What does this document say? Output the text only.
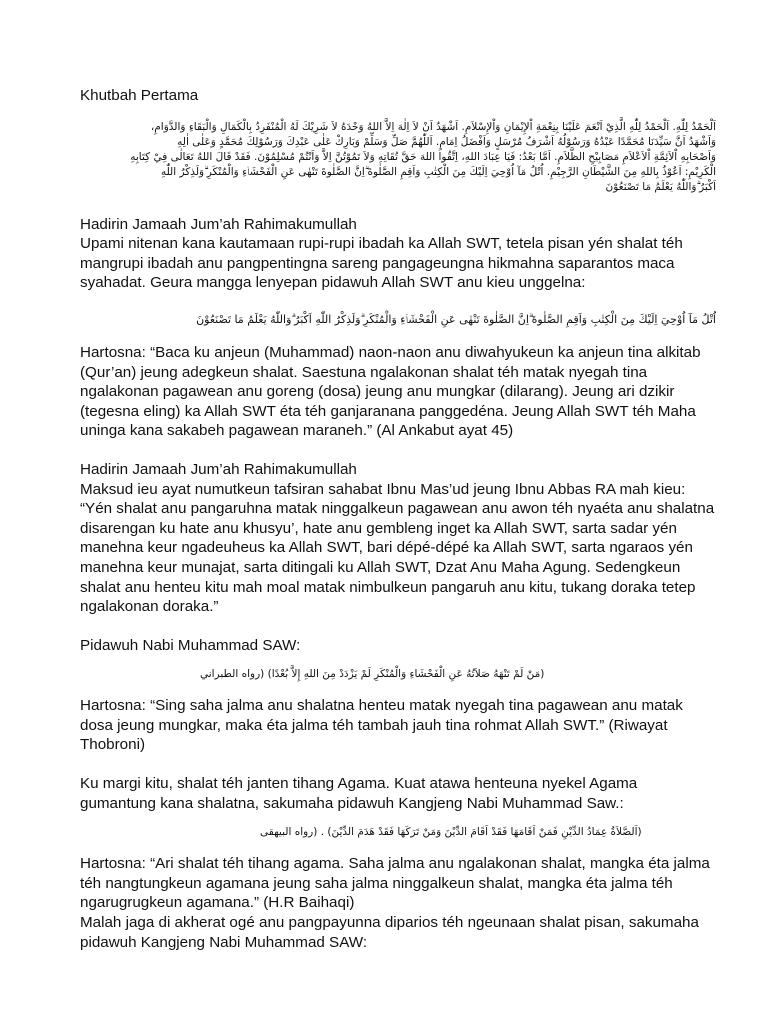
Khutbah Pertama

اَلْحَمْدُ لِلّٰهِ. اَلْحَمْدُ لِلّٰهِ الَّذِيْ اَنْعَمَ عَلَيْنَا بِنِعْمَةِ اْلإِيْمَانِ وَاْلإِسْلاَمِ. اَشْهَدُ اَنْ لاَ اِلٰهَ اِلاَّ اللهُ وَحْدَهُ لاَ شَرِيْكَ لَهُ الْمُنْفَرِدُ بِالْكَمَالِ وَالْبَقَاءِ وَالدَّوَامِ،

وَاَشْهَدُ اَنَّ سَيِّدَنَا مُحَمَّدًا عَبْدُهُ وَرَسُوْلُهُ اَشْرَفُ مُرْسَلٍ وَاَفْضَلُ اِمَامٍ. اَللّٰهُمَّ صَلِّ وَسَلِّمْ وَبَارِكْ عَلٰى عَبْدِكَ وَرَسُوْلِكَ مُحَمَّدٍ وَعَلٰى اٰلِهِ

وَاَصْحَابِهِ اْلاَئِمَّةِ اْلاَعْلاَمِ مَصَابِيْحِ الظَّلاَمِ. اَمَّا بَعْدُ: فَيَا عِبَادَ اللهِ، اِتَّقُوا اللهَ حَقَّ تُقَاتِهِ وَلاَ تَمُوْتُنَّ اِلاَّ وَاَنْتُمْ مُسْلِمُوْنَ. فَقَدْ قَالَ اللهُ تَعَالٰى فِيْ كِتَابِهِ

الْكَرِيْمِ: اَعُوْذُ بِاللهِ مِنَ الشَّيْطَانِ الرَّجِيْمِ. اُتْلُ مَآ اُوْحِيَ اِلَيْكَ مِنَ الْكِتٰبِ وَاَقِمِ الصَّلٰوةَ ۗاِنَّ الصَّلٰوةَ تَنْهٰى عَنِ الْفَحْشَاۤءِ وَالْمُنْكَرِ ۗوَلَذِكْرُ اللّٰهِ

اَكْبَرُ ۗوَاللّٰهُ يَعْلَمُ مَا تَصْنَعُوْنَ

Hadirin Jamaah Jum’ah Rahimakumullah

Upami nitenan kana kautamaan rupi-rupi ibadah ka Allah SWT, tetela pisan yén shalat téh mangrupi ibadah anu pangpentingna sareng pangageungna hikmahna saparantos maca syahadat. Geura mangga lenyepan pidawuh Allah SWT anu kieu unggelna:

اُتْلُ مَآ اُوْحِيَ اِلَيْكَ مِنَ الْكِتٰبِ وَاَقِمِ الصَّلٰوةَ ۗاِنَّ الصَّلٰوةَ تَنْهٰى عَنِ الْفَحْشَاۤءِ وَالْمُنْكَرِ ۗوَلَذِكْرُ اللّٰهِ اَكْبَرُ ۗوَاللّٰهُ يَعْلَمُ مَا تَصْنَعُوْنَ

Hartosna: “Baca ku anjeun (Muhammad) naon-naon anu diwahyukeun ka anjeun tina alkitab (Qur’an) jeung adegkeun shalat. Saestuna ngalakonan shalat téh matak nyegah tina ngalakonan pagawean anu goreng (dosa) jeung anu mungkar (dilarang). Jeung ari dzikir (tegesna eling) ka Allah SWT éta téh ganjaranana panggedéna. Jeung Allah SWT téh Maha uninga kana sakabeh pagawean maraneh.” (Al Ankabut ayat 45)

Hadirin Jamaah Jum’ah Rahimakumullah

Maksud ieu ayat numutkeun tafsiran sahabat Ibnu Mas’ud jeung Ibnu Abbas RA mah kieu: “Yén shalat anu pangaruhna matak ninggalkeun pagawean anu awon téh nyaéta anu shalatna disarengan ku hate anu khusyu’, hate anu gembleng inget ka Allah SWT, sarta sadar yén manehna keur ngadeuheus ka Allah SWT, bari dépé-dépé ka Allah SWT, sarta ngaraos yén manehna keur munajat, sarta ditingali ku Allah SWT, Dzat Anu Maha Agung. Sedengkeun shalat anu henteu kitu mah moal matak nimbulkeun pangaruh anu kitu, tukang doraka tetep ngalakonan doraka.”

Pidawuh Nabi Muhammad SAW:

(مَنْ لَمْ تَنْهَهُ صَلاَتُهُ عَنِ الْفَحْشَاءِ وَالْمُنْكَرِ لَمْ يَزْدَدْ مِنَ اللهِ إِلاَّ بُعْدًا) (رواه الطبراني

Hartosna: “Sing saha jalma anu shalatna henteu matak nyegah tina pagawean anu matak dosa jeung mungkar, maka éta jalma téh tambah jauh tina rohmat Allah SWT.” (Riwayat Thobroni)

Ku margi kitu, shalat téh janten tihang Agama. Kuat atawa henteuna nyekel Agama gumantung kana shalatna, sakumaha pidawuh Kangjeng Nabi Muhammad Saw.:

(اَلصَّلاَةُ عِمَادُ الدِّيْنِ فَمَنْ اَقَامَهَا فَقَدْ اَقَامَ الدِّيْنَ وَمَنْ تَرَكَهَا فَقَدْ هَدَمَ الدِّيْنَ) . (رواه البيهقى

Hartosna: “Ari shalat téh tihang agama. Saha jalma anu ngalakonan shalat, mangka éta jalma téh nangtungkeun agamana jeung saha jalma ninggalkeun shalat, mangka éta jalma téh ngarugrugkeun agamana.” (H.R Baihaqi)

Malah jaga di akherat ogé anu pangpayunna diparios téh ngeunaan shalat pisan, sakumaha pidawuh Kangjeng Nabi Muhammad SAW:
